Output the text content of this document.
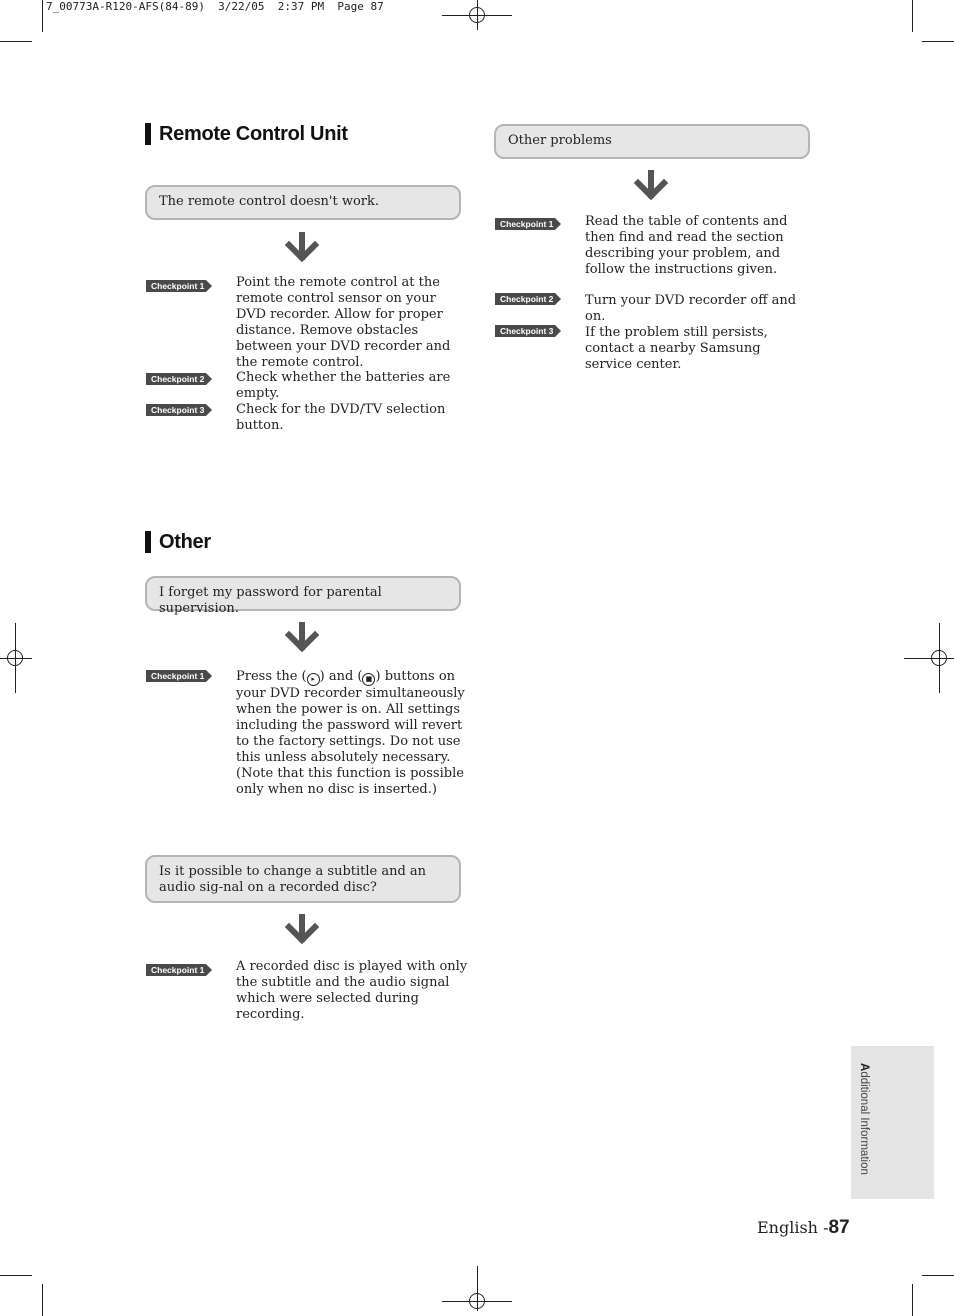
7_00773A-R120-AFS(84-89)  3/22/05  2:37 PM  Page 87
Remote Control Unit
The remote control doesn't work.
Checkpoint 1 Point the remote control at the remote control sensor on your DVD recorder. Allow for proper distance. Remove obstacles between your DVD recorder and the remote control.
Checkpoint 2 Check whether the batteries are empty.
Checkpoint 3 Check for the DVD/TV selection button.
Other problems
Checkpoint 1 Read the table of contents and then find and read the section describing your problem, and follow the instructions given.
Checkpoint 2 Turn your DVD recorder off and on.
Checkpoint 3 If the problem still persists, contact a nearby Samsung service center.
Other
I forget my password for parental supervision.
Checkpoint 1 Press the ( ▸ ) and ( ■ ) buttons on your DVD recorder simultaneously when the power is on. All settings including the password will revert to the factory settings. Do not use this unless absolutely necessary.
(Note that this function is possible only when no disc is inserted.)
Is it possible to change a subtitle and an audio sig-nal on a recorded disc?
Checkpoint 1 A recorded disc is played with only the subtitle and the audio signal which were selected during recording.
Additional Information
English -87
